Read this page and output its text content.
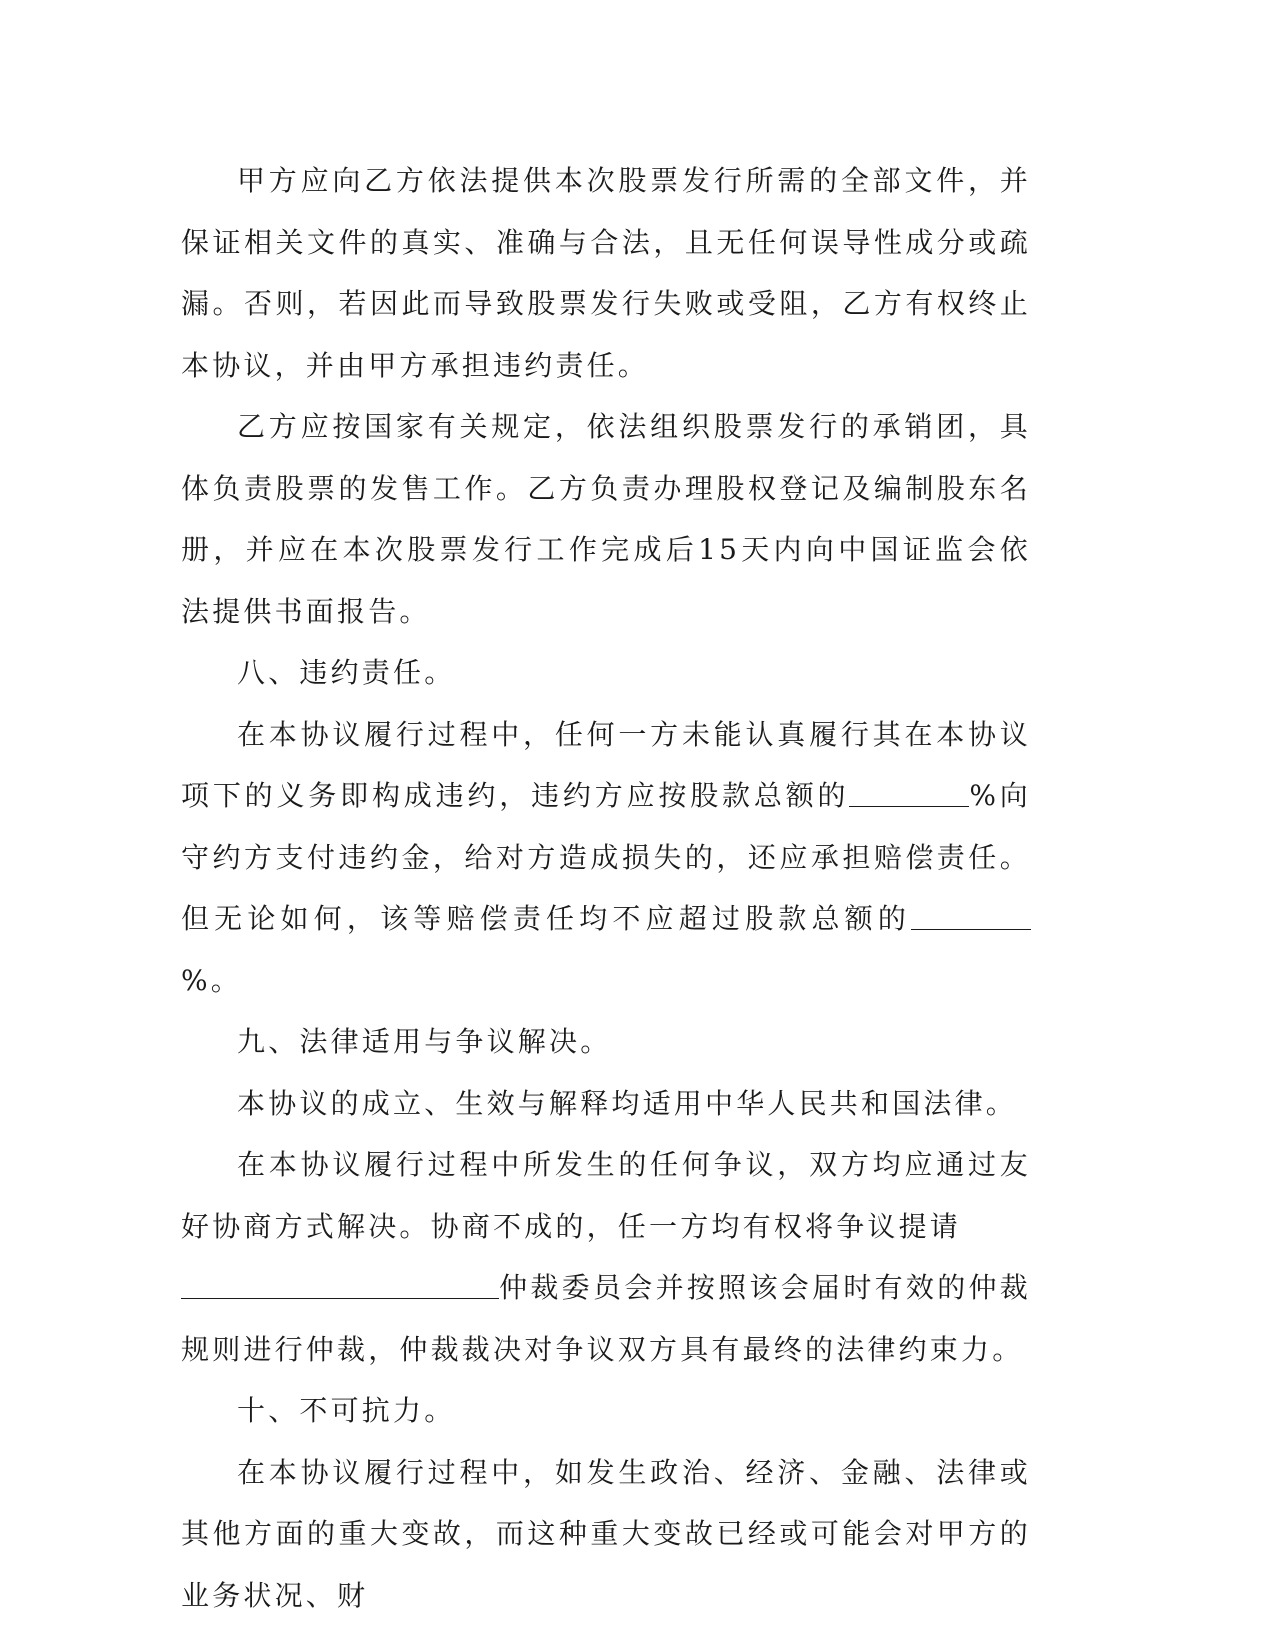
甲方应向乙方依法提供本次股票发行所需的全部文件，并保证相关文件的真实、准确与合法，且无任何误导性成分或疏漏。否则，若因此而导致股票发行失败或受阻，乙方有权终止本协议，并由甲方承担违约责任。

乙方应按国家有关规定，依法组织股票发行的承销团，具体负责股票的发售工作。乙方负责办理股权登记及编制股东名册，并应在本次股票发行工作完成后15天内向中国证监会依法提供书面报告。

八、违约责任。

在本协议履行过程中，任何一方未能认真履行其在本协议项下的义务即构成违约，违约方应按股款总额的	%向守约方支付违约金，给对方造成损失的，还应承担赔偿责任。但无论如何，该等赔偿责任均不应超过股款总额的%。

九、法律适用与争议解决。

本协议的成立、生效与解释均适用中华人民共和国法律。

在本协议履行过程中所发生的任何争议，双方均应通过友好协商方式解决。协商不成的，任一方均有权将争议提请
仲裁委员会并按照该会届时有效的仲裁规则进行仲裁，仲裁裁决对争议双方具有最终的法律约束力。

十、不可抗力。

在本协议履行过程中，如发生政治、经济、金融、法律或其他方面的重大变故，而这种重大变故已经或可能会对甲方的业务状况、财
